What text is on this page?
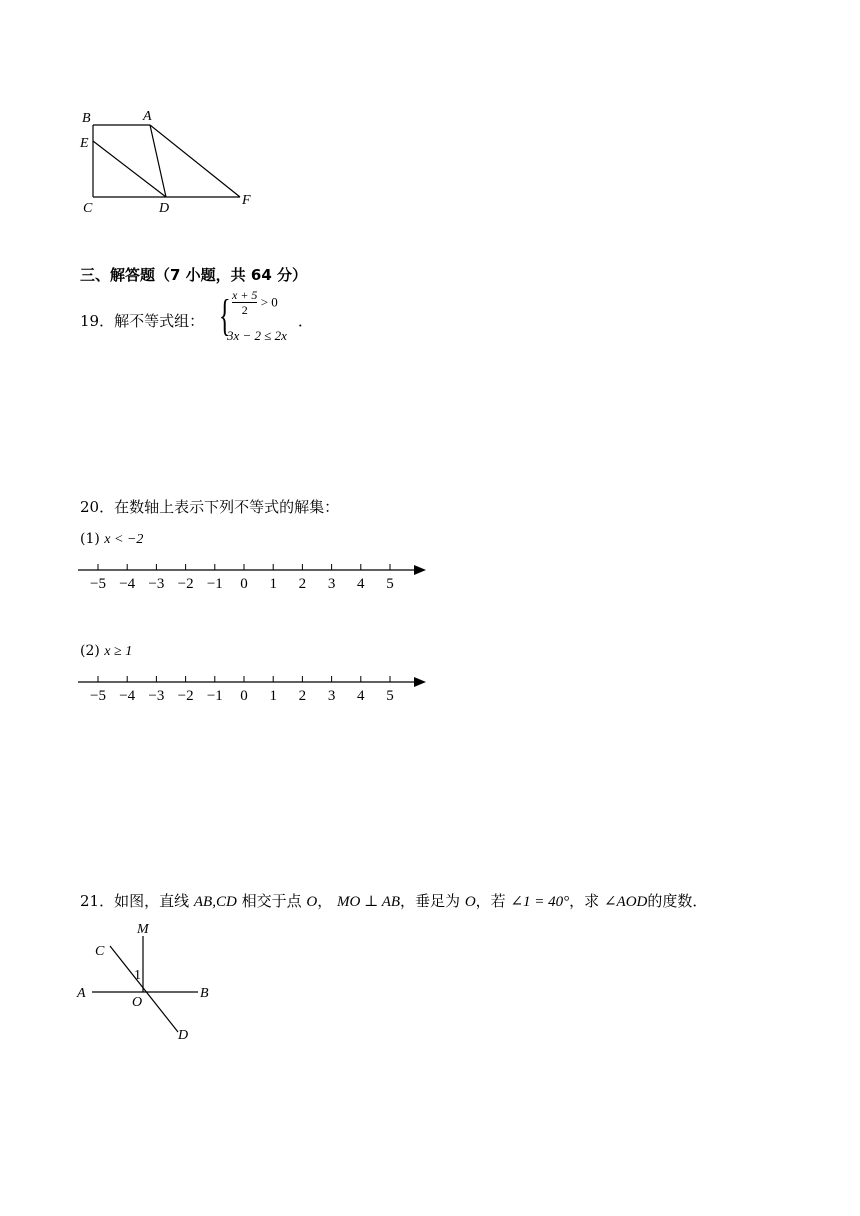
B	A
E
C	D
F
三、解答题（7 小题，共 64 分）
19．解不等式组： { $\frac{x + 5}{2} > 0$
3x − 2 ≤ 2x
．
20．在数轴上表示下列不等式的解集：
(1) x < −2
−5 −4 −3 −2 −1 0 1 2 3 4 5
(2) x ≥ 1
−5 −4 −3 −2 −1 0 1 2 3 4 5
21．如图，直线 AB,CD 相交于点 O， MO ⊥ AB，垂足为 O，若 ∠1 = 40°，求 ∠AOD的度数．
M
C
1
A
O
B
D
